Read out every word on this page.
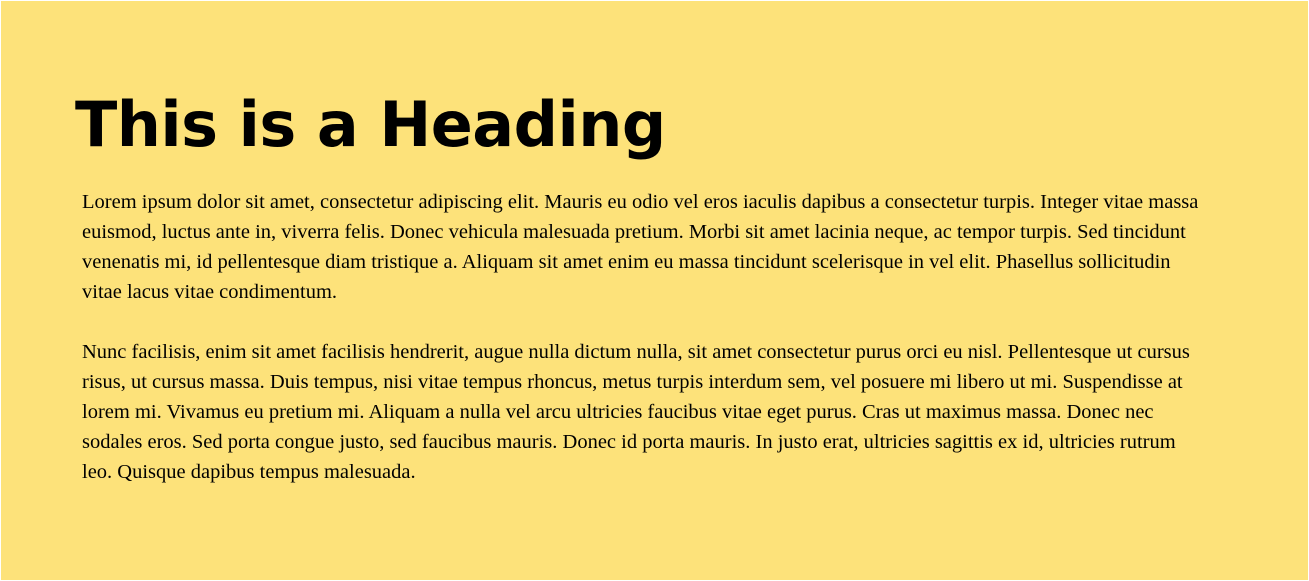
This is a Heading

Lorem ipsum dolor sit amet, consectetur adipiscing elit. Mauris eu odio vel eros iaculis dapibus a consectetur turpis. Integer vitae massa euismod, luctus ante in, viverra felis. Donec vehicula malesuada pretium. Morbi sit amet lacinia neque, ac tempor turpis. Sed tincidunt venenatis mi, id pellentesque diam tristique a. Aliquam sit amet enim eu massa tincidunt scelerisque in vel elit. Phasellus sollicitudin vitae lacus vitae condimentum.

Nunc facilisis, enim sit amet facilisis hendrerit, augue nulla dictum nulla, sit amet consectetur purus orci eu nisl. Pellentesque ut cursus risus, ut cursus massa. Duis tempus, nisi vitae tempus rhoncus, metus turpis interdum sem, vel posuere mi libero ut mi. Suspendisse at lorem mi. Vivamus eu pretium mi. Aliquam a nulla vel arcu ultricies faucibus vitae eget purus. Cras ut maximus massa. Donec nec sodales eros. Sed porta congue justo, sed faucibus mauris. Donec id porta mauris. In justo erat, ultricies sagittis ex id, ultricies rutrum leo. Quisque dapibus tempus malesuada.
